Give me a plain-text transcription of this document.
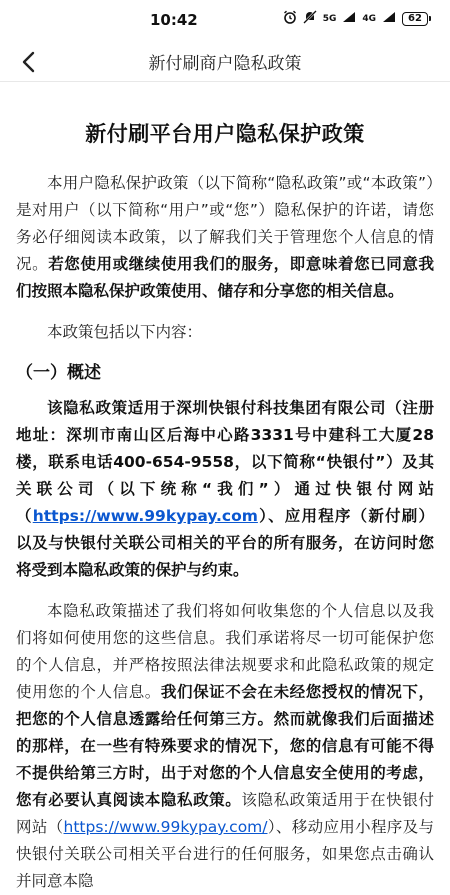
10:42	5G	4G	62
新付刷商户隐私政策
新付刷平台用户隐私保护政策

本用户隐私保护政策（以下简称“隐私政策”或“本政策”）是对用户（以下简称“用户”或“您”）隐私保护的许诺，请您务必仔细阅读本政策，以了解我们关于管理您个人信息的情况。若您使用或继续使用我们的服务，即意味着您已同意我们按照本隐私保护政策使用、储存和分享您的相关信息。

本政策包括以下内容：

（一）概述

该隐私政策适用于深圳快银付科技集团有限公司（注册地址：深圳市南山区后海中心路3331号中建科工大厦28楼，联系电话400-654-9558，以下简称“快银付”）及其关联公司（以下统称“我们”）通过快银付网站（https://www.99kypay.com）、应用程序（新付刷）以及与快银付关联公司相关的平台的所有服务，在访问时您将受到本隐私政策的保护与约束。

本隐私政策描述了我们将如何收集您的个人信息以及我们将如何使用您的这些信息。我们承诺将尽一切可能保护您的个人信息，并严格按照法律法规要求和此隐私政策的规定使用您的个人信息。我们保证不会在未经您授权的情况下，把您的个人信息透露给任何第三方。然而就像我们后面描述的那样，在一些有特殊要求的情况下，您的信息有可能不得不提供给第三方时，出于对您的个人信息安全使用的考虑，您有必要认真阅读本隐私政策。该隐私政策适用于在快银付网站（https://www.99kypay.com/）、移动应用小程序及与快银付关联公司相关平台进行的任何服务，如果您点击确认并同意本隐
